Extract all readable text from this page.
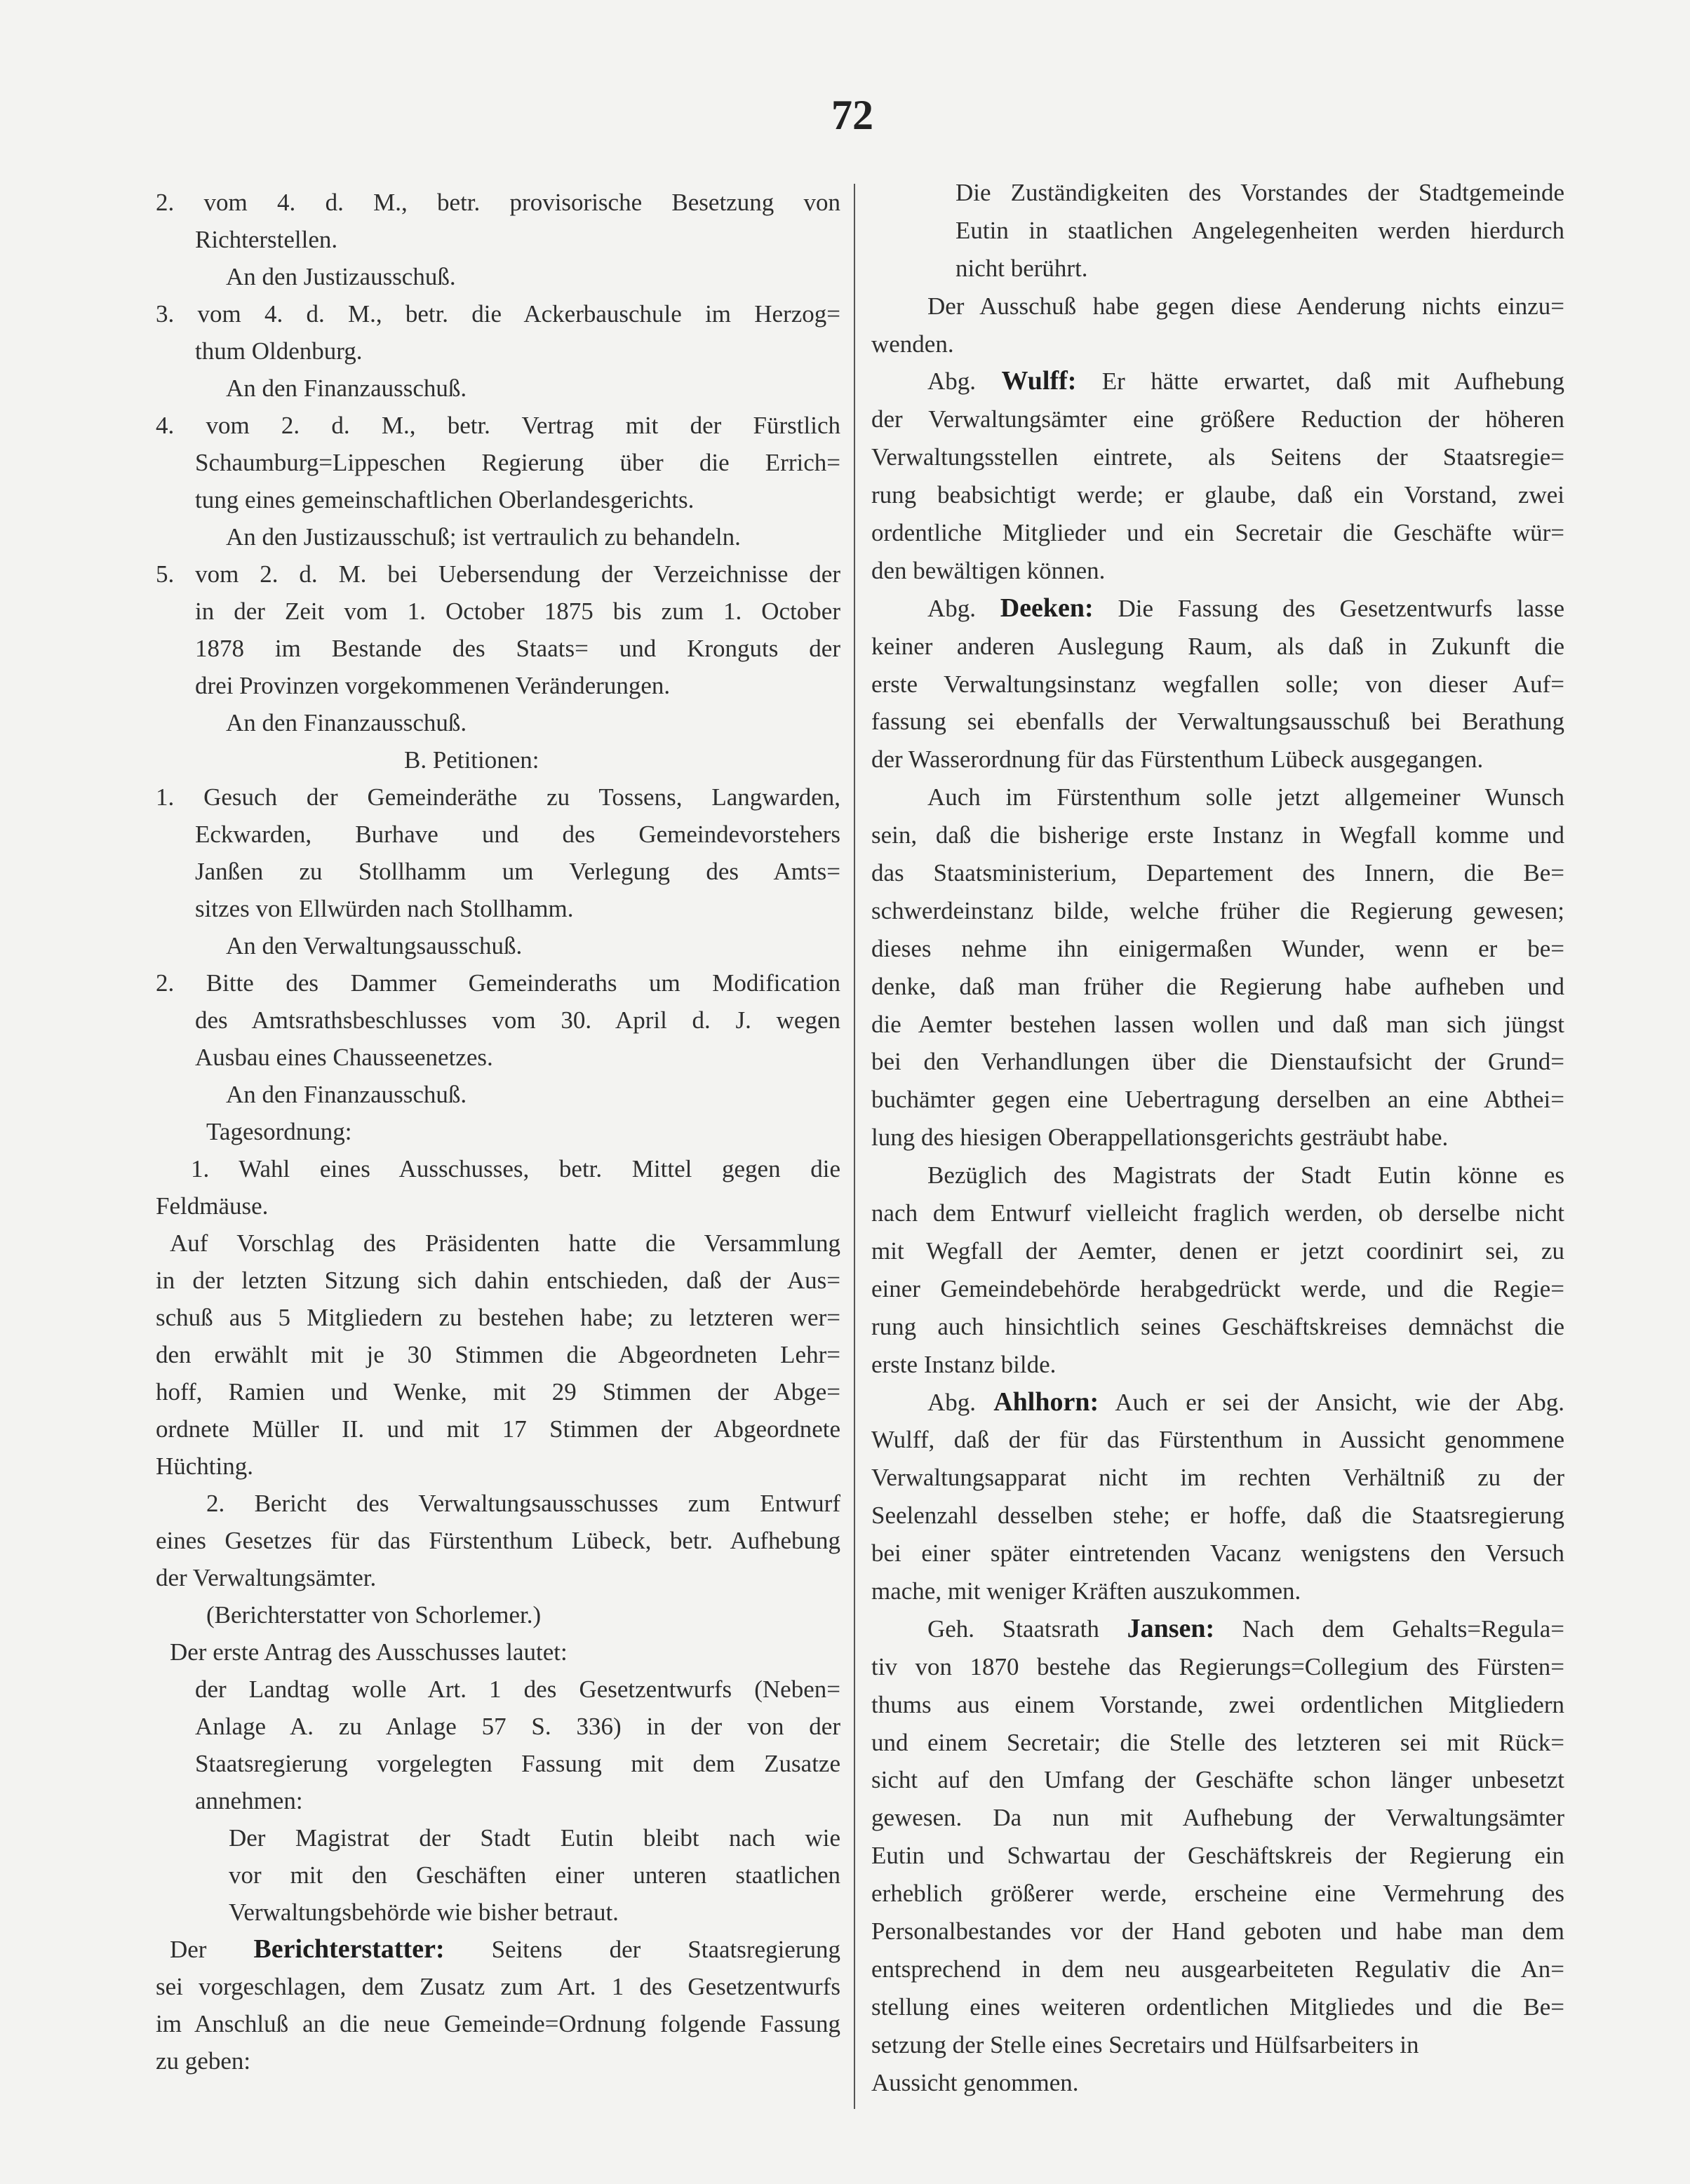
72
2. vom 4. d. M., betr. provisorische Besetzung von
Richterstellen.
An den Justizausschuß.
3. vom 4. d. M., betr. die Ackerbauschule im Herzog=
thum Oldenburg.
An den Finanzausschuß.
4. vom 2. d. M., betr. Vertrag mit der Fürstlich
Schaumburg=Lippeschen Regierung über die Errich=
tung eines gemeinschaftlichen Oberlandesgerichts.
An den Justizausschuß; ist vertraulich zu behandeln.
5. vom 2. d. M. bei Uebersendung der Verzeichnisse der
in der Zeit vom 1. October 1875 bis zum 1. October
1878 im Bestande des Staats= und Kronguts der
drei Provinzen vorgekommenen Veränderungen.
An den Finanzausschuß.
B. Petitionen:
1. Gesuch der Gemeinderäthe zu Tossens, Langwarden,
Eckwarden, Burhave und des Gemeindevorstehers
Janßen zu Stollhamm um Verlegung des Amts=
sitzes von Ellwürden nach Stollhamm.
An den Verwaltungsausschuß.
2. Bitte des Dammer Gemeinderaths um Modification
des Amtsrathsbeschlusses vom 30. April d. J. wegen
Ausbau eines Chausseenetzes.
An den Finanzausschuß.
Tagesordnung:
1. Wahl eines Ausschusses, betr. Mittel gegen die
Feldmäuse.
Auf Vorschlag des Präsidenten hatte die Versammlung
in der letzten Sitzung sich dahin entschieden, daß der Aus=
schuß aus 5 Mitgliedern zu bestehen habe; zu letzteren wer=
den erwählt mit je 30 Stimmen die Abgeordneten Lehr=
hoff, Ramien und Wenke, mit 29 Stimmen der Abge=
ordnete Müller II. und mit 17 Stimmen der Abgeordnete
Hüchting.
2. Bericht des Verwaltungsausschusses zum Entwurf
eines Gesetzes für das Fürstenthum Lübeck, betr. Aufhebung
der Verwaltungsämter.
(Berichterstatter von Schorlemer.)
Der erste Antrag des Ausschusses lautet:
der Landtag wolle Art. 1 des Gesetzentwurfs (Neben=
Anlage A. zu Anlage 57 S. 336) in der von der
Staatsregierung vorgelegten Fassung mit dem Zusatze
annehmen:
Der Magistrat der Stadt Eutin bleibt nach wie
vor mit den Geschäften einer unteren staatlichen
Verwaltungsbehörde wie bisher betraut.
Der Berichterstatter: Seitens der Staatsregierung
sei vorgeschlagen, dem Zusatz zum Art. 1 des Gesetzentwurfs
im Anschluß an die neue Gemeinde=Ordnung folgende Fassung
zu geben:
Die Zuständigkeiten des Vorstandes der Stadtgemeinde
Eutin in staatlichen Angelegenheiten werden hierdurch
nicht berührt.
Der Ausschuß habe gegen diese Aenderung nichts einzu=
wenden.
Abg. Wulff: Er hätte erwartet, daß mit Aufhebung
der Verwaltungsämter eine größere Reduction der höheren
Verwaltungsstellen eintrete, als Seitens der Staatsregie=
rung beabsichtigt werde; er glaube, daß ein Vorstand, zwei
ordentliche Mitglieder und ein Secretair die Geschäfte wür=
den bewältigen können.
Abg. Deeken: Die Fassung des Gesetzentwurfs lasse
keiner anderen Auslegung Raum, als daß in Zukunft die
erste Verwaltungsinstanz wegfallen solle; von dieser Auf=
fassung sei ebenfalls der Verwaltungsausschuß bei Berathung
der Wasserordnung für das Fürstenthum Lübeck ausgegangen.
Auch im Fürstenthum solle jetzt allgemeiner Wunsch
sein, daß die bisherige erste Instanz in Wegfall komme und
das Staatsministerium, Departement des Innern, die Be=
schwerdeinstanz bilde, welche früher die Regierung gewesen;
dieses nehme ihn einigermaßen Wunder, wenn er be=
denke, daß man früher die Regierung habe aufheben und
die Aemter bestehen lassen wollen und daß man sich jüngst
bei den Verhandlungen über die Dienstaufsicht der Grund=
buchämter gegen eine Uebertragung derselben an eine Abthei=
lung des hiesigen Oberappellationsgerichts gesträubt habe.
Bezüglich des Magistrats der Stadt Eutin könne es
nach dem Entwurf vielleicht fraglich werden, ob derselbe nicht
mit Wegfall der Aemter, denen er jetzt coordinirt sei, zu
einer Gemeindebehörde herabgedrückt werde, und die Regie=
rung auch hinsichtlich seines Geschäftskreises demnächst die
erste Instanz bilde.
Abg. Ahlhorn: Auch er sei der Ansicht, wie der Abg.
Wulff, daß der für das Fürstenthum in Aussicht genommene
Verwaltungsapparat nicht im rechten Verhältniß zu der
Seelenzahl desselben stehe; er hoffe, daß die Staatsregierung
bei einer später eintretenden Vacanz wenigstens den Versuch
mache, mit weniger Kräften auszukommen.
Geh. Staatsrath Jansen: Nach dem Gehalts=Regula=
tiv von 1870 bestehe das Regierungs=Collegium des Fürsten=
thums aus einem Vorstande, zwei ordentlichen Mitgliedern
und einem Secretair; die Stelle des letzteren sei mit Rück=
sicht auf den Umfang der Geschäfte schon länger unbesetzt
gewesen. Da nun mit Aufhebung der Verwaltungsämter
Eutin und Schwartau der Geschäftskreis der Regierung ein
erheblich größerer werde, erscheine eine Vermehrung des
Personalbestandes vor der Hand geboten und habe man dem
entsprechend in dem neu ausgearbeiteten Regulativ die An=
stellung eines weiteren ordentlichen Mitgliedes und die Be=
setzung der Stelle eines Secretairs und Hülfsarbeiters in
Aussicht genommen.
